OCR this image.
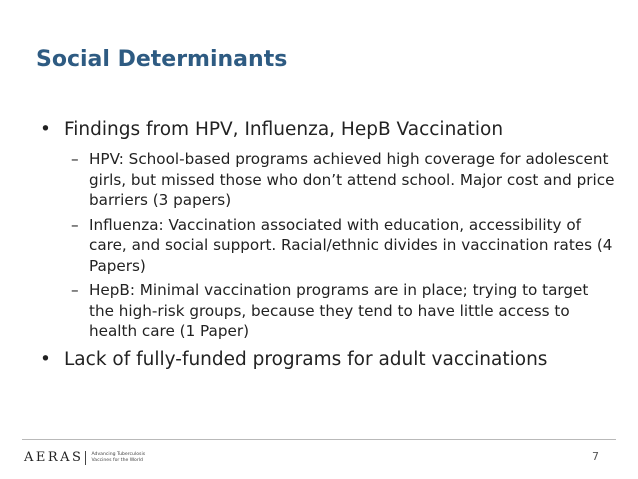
Social Determinants
• Findings from HPV, Influenza, HepB Vaccination
– HPV: School-based programs achieved high coverage for adolescent girls, but missed those who don’t attend school. Major cost and price barriers (3 papers)
– Influenza: Vaccination associated with education, accessibility of care, and social support. Racial/ethnic divides in vaccination rates (4 Papers)
– HepB: Minimal vaccination programs are in place; trying to target the high-risk groups, because they tend to have little access to health care (1 Paper)
• Lack of fully-funded programs for adult vaccinations
AERAS Advancing Tuberculosis
Vaccines for the World	7
